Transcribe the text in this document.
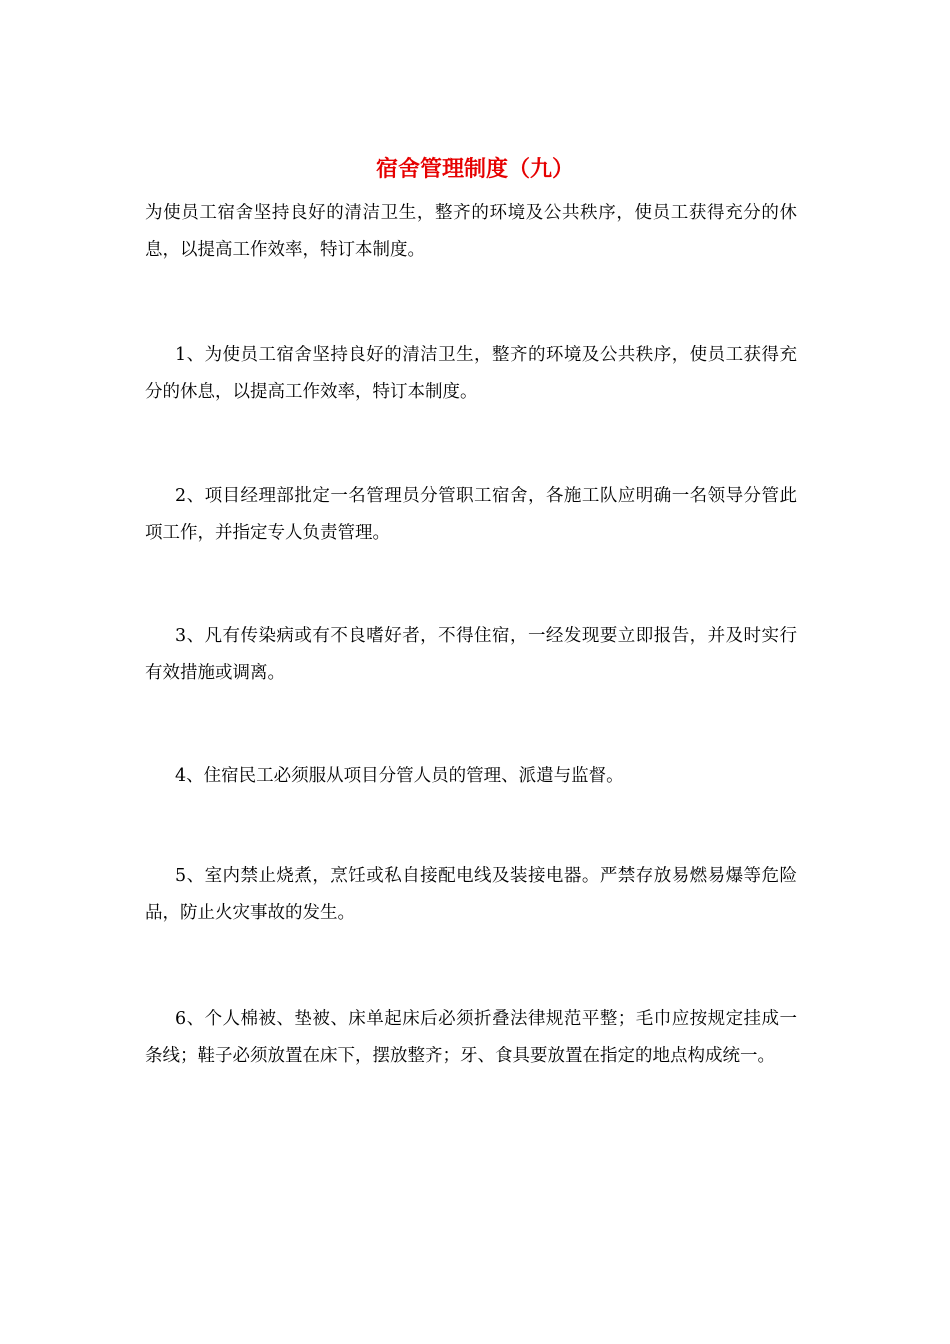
宿舍管理制度（九）

为使员工宿舍坚持良好的清洁卫生，整齐的环境及公共秩序，使员工获得充分的休息，以提高工作效率，特订本制度。

1、为使员工宿舍坚持良好的清洁卫生，整齐的环境及公共秩序，使员工获得充分的休息，以提高工作效率，特订本制度。

2、项目经理部批定一名管理员分管职工宿舍，各施工队应明确一名领导分管此项工作，并指定专人负责管理。

3、凡有传染病或有不良嗜好者，不得住宿，一经发现要立即报告，并及时实行有效措施或调离。

4、住宿民工必须服从项目分管人员的管理、派遣与监督。

5、室内禁止烧煮，烹饪或私自接配电线及装接电器。严禁存放易燃易爆等危险品，防止火灾事故的发生。

6、个人棉被、垫被、床单起床后必须折叠法律规范平整；毛巾应按规定挂成一条线；鞋子必须放置在床下，摆放整齐；牙、食具要放置在指定的地点构成统一。
